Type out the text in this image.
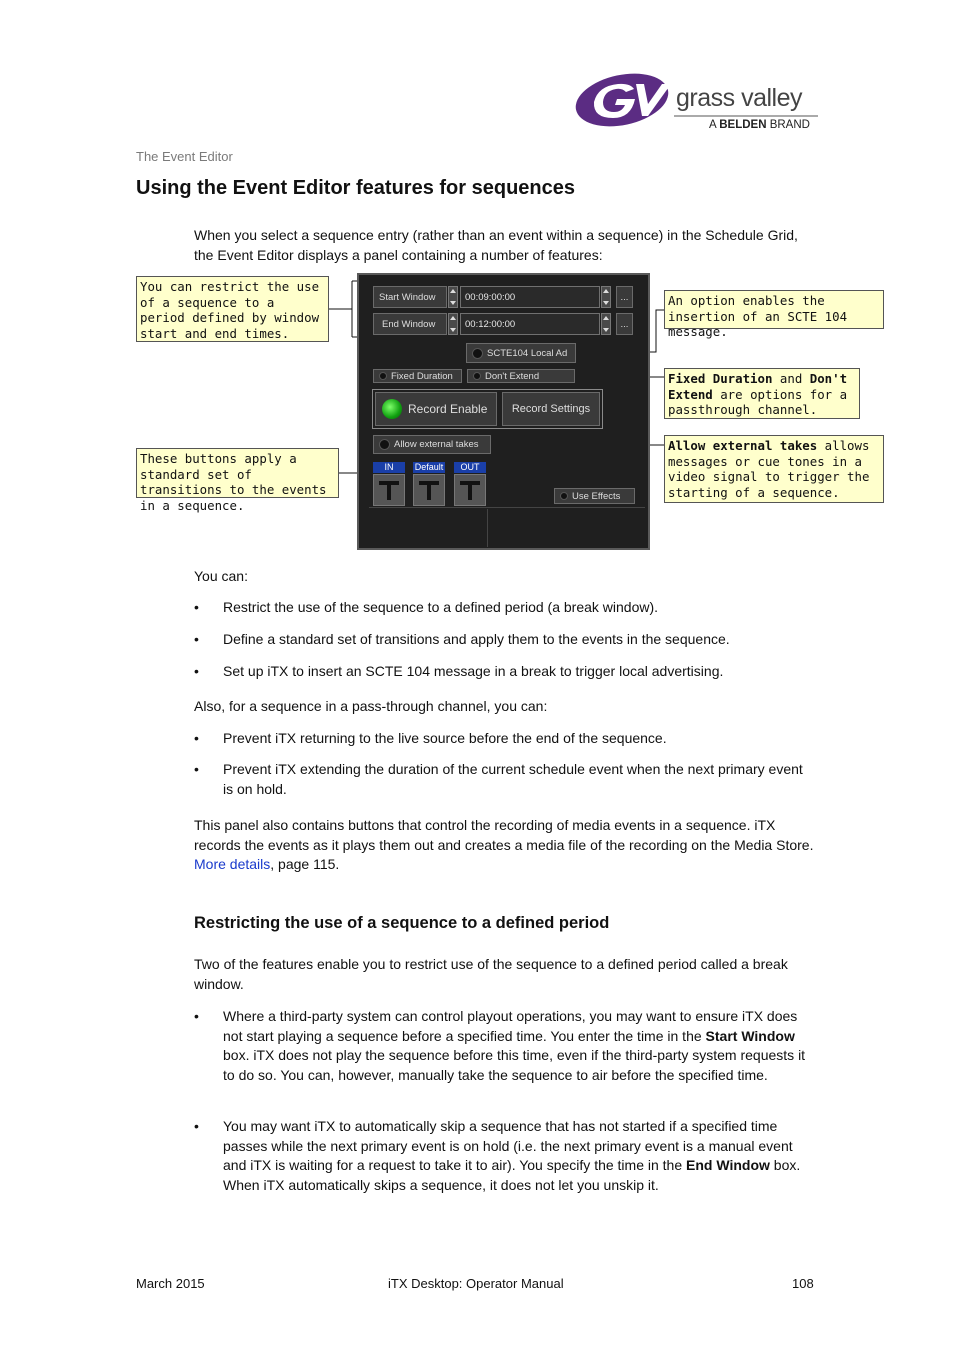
grass valley
A BELDEN BRAND
The Event Editor
Using the Event Editor features for sequences
When you select a sequence entry (rather than an event within a sequence) in the Schedule Grid, the Event Editor displays a panel containing a number of features:
You can restrict the use of a sequence to a period defined by window start and end times.
These buttons apply a standard set of transitions to the events in a sequence.
An option enables the insertion of an SCTE 104 message.
Fixed Duration and Don't Extend are options for a passthrough channel.
Allow external takes allows messages or cue tones in a video signal to trigger the starting of a sequence.
Start Window	00:09:00:00	...
End Window	00:12:00:00	...
SCTE104 Local Ad
Fixed Duration	Don't Extend
Record Enable	Record Settings
Allow external takes
IN	Default	OUT
Use Effects
You can:
• Restrict the use of the sequence to a defined period (a break window).
• Define a standard set of transitions and apply them to the events in the sequence.
• Set up iTX to insert an SCTE 104 message in a break to trigger local advertising.
Also, for a sequence in a pass-through channel, you can:
• Prevent iTX returning to the live source before the end of the sequence.
• Prevent iTX extending the duration of the current schedule event when the next primary event is on hold.
This panel also contains buttons that control the recording of media events in a sequence. iTX records the events as it plays them out and creates a media file of the recording on the Media Store. More details, page 115.
Restricting the use of a sequence to a defined period
Two of the features enable you to restrict use of the sequence to a defined period called a break window.
• Where a third-party system can control playout operations, you may want to ensure iTX does not start playing a sequence before a specified time. You enter the time in the Start Window box. iTX does not play the sequence before this time, even if the third-party system requests it to do so. You can, however, manually take the sequence to air before the specified time.
• You may want iTX to automatically skip a sequence that has not started if a specified time passes while the next primary event is on hold (i.e. the next primary event is a manual event and iTX is waiting for a request to take it to air). You specify the time in the End Window box. When iTX automatically skips a sequence, it does not let you unskip it.
March 2015	iTX Desktop: Operator Manual	108
